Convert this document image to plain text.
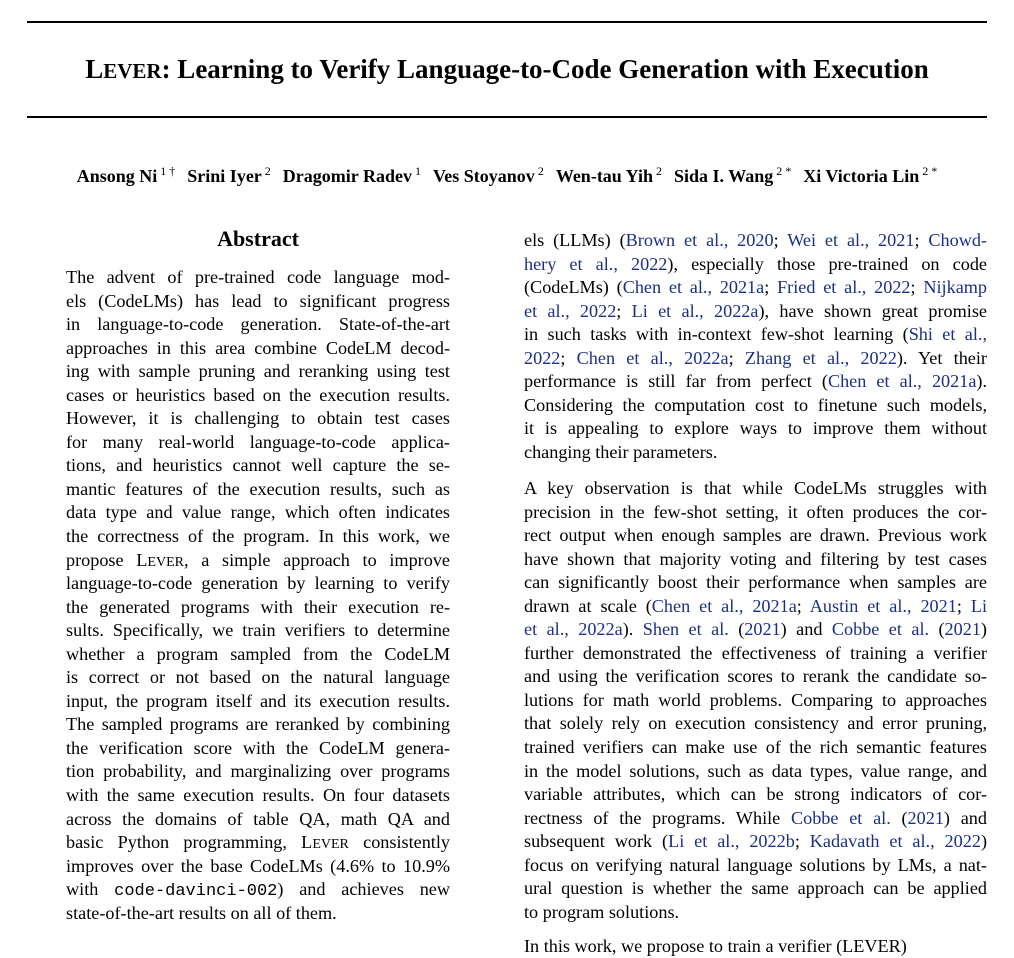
LEVER: Learning to Verify Language-to-Code Generation with Execution
Ansong Ni $^{1 \dagger}$ Srini Iyer $^2$ Dragomir Radev $^1$ Ves Stoyanov $^2$ Wen-tau Yih $^2$ Sida I. Wang $^{2 *}$ Xi Victoria Lin $^{2 *}$
Abstract
The advent of pre-trained code language mod-
els (CodeLMs) has lead to significant progress
in language-to-code generation. State-of-the-art
approaches in this area combine CodeLM decod-
ing with sample pruning and reranking using test
cases or heuristics based on the execution results.
However, it is challenging to obtain test cases
for many real-world language-to-code applica-
tions, and heuristics cannot well capture the se-
mantic features of the execution results, such as
data type and value range, which often indicates
the correctness of the program. In this work, we
propose LEVER, a simple approach to improve
language-to-code generation by learning to verify
the generated programs with their execution re-
sults. Specifically, we train verifiers to determine
whether a program sampled from the CodeLM
is correct or not based on the natural language
input, the program itself and its execution results.
The sampled programs are reranked by combining
the verification score with the CodeLM genera-
tion probability, and marginalizing over programs
with the same execution results. On four datasets
across the domains of table QA, math QA and
basic Python programming, LEVER consistently
improves over the base CodeLMs (4.6% to 10.9%
with code-davinci-002) and achieves new
state-of-the-art results on all of them.
els (LLMs) (Brown et al., 2020; Wei et al., 2021; Chowd-
hery et al., 2022), especially those pre-trained on code
(CodeLMs) (Chen et al., 2021a; Fried et al., 2022; Nijkamp
et al., 2022; Li et al., 2022a), have shown great promise
in such tasks with in-context few-shot learning (Shi et al.,
2022; Chen et al., 2022a; Zhang et al., 2022). Yet their
performance is still far from perfect (Chen et al., 2021a).
Considering the computation cost to finetune such models,
it is appealing to explore ways to improve them without
changing their parameters.
A key observation is that while CodeLMs struggles with
precision in the few-shot setting, it often produces the cor-
rect output when enough samples are drawn. Previous work
have shown that majority voting and filtering by test cases
can significantly boost their performance when samples are
drawn at scale (Chen et al., 2021a; Austin et al., 2021; Li
et al., 2022a). Shen et al. (2021) and Cobbe et al. (2021)
further demonstrated the effectiveness of training a verifier
and using the verification scores to rerank the candidate so-
lutions for math world problems. Comparing to approaches
that solely rely on execution consistency and error pruning,
trained verifiers can make use of the rich semantic features
in the model solutions, such as data types, value range, and
variable attributes, which can be strong indicators of cor-
rectness of the programs. While Cobbe et al. (2021) and
subsequent work (Li et al., 2022b; Kadavath et al., 2022)
focus on verifying natural language solutions by LMs, a nat-
ural question is whether the same approach can be applied
to program solutions.
In this work, we propose to train a verifier (LEVER)
